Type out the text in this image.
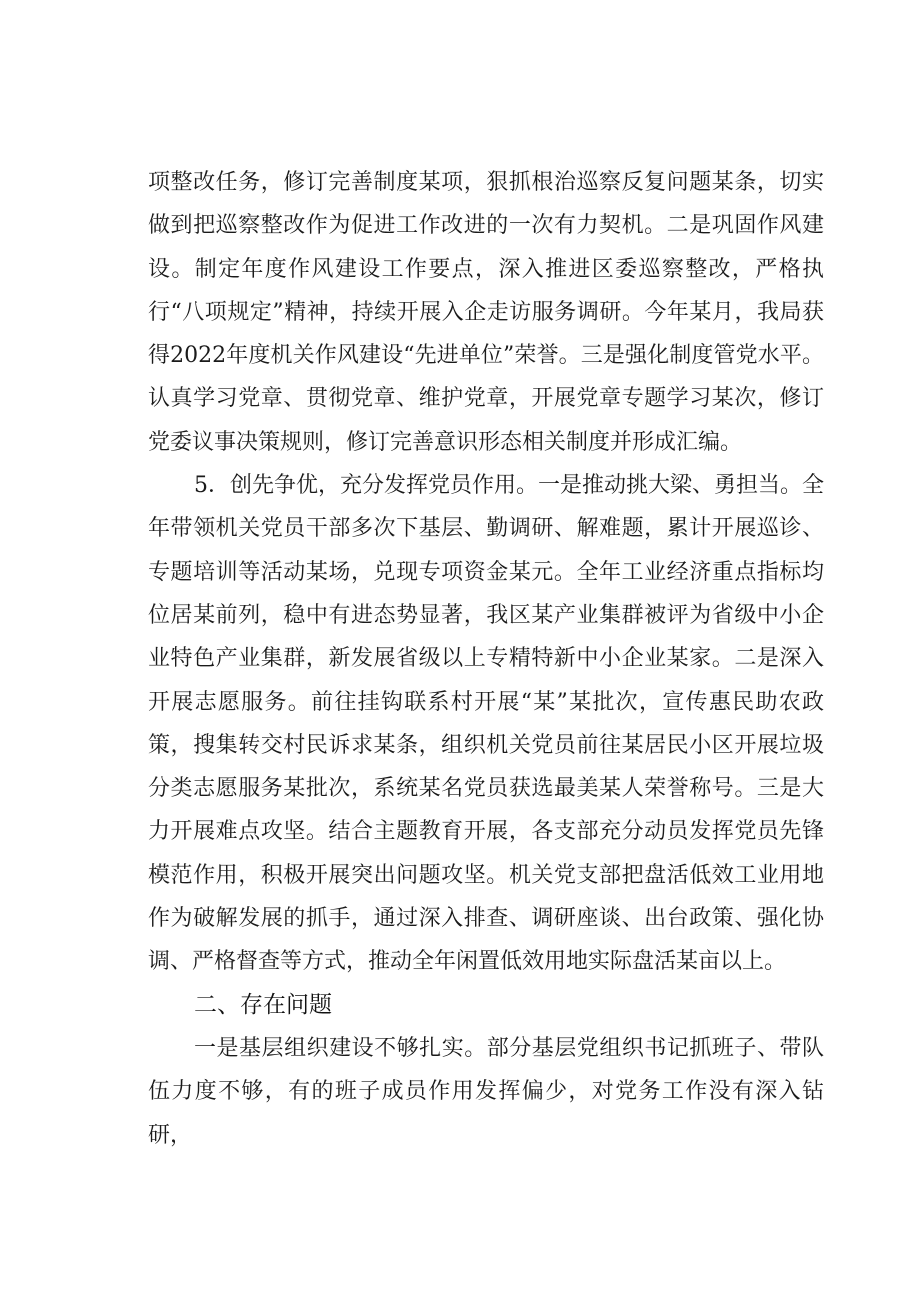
项整改任务，修订完善制度某项，狠抓根治巡察反复问题某条，切实做到把巡察整改作为促进工作改进的一次有力契机。二是巩固作风建设。制定年度作风建设工作要点，深入推进区委巡察整改，严格执行“八项规定”精神，持续开展入企走访服务调研。今年某月，我局获得2022年度机关作风建设“先进单位”荣誉。三是强化制度管党水平。认真学习党章、贯彻党章、维护党章，开展党章专题学习某次，修订党委议事决策规则，修订完善意识形态相关制度并形成汇编。

5．创先争优，充分发挥党员作用。一是推动挑大梁、勇担当。全年带领机关党员干部多次下基层、勤调研、解难题，累计开展巡诊、专题培训等活动某场，兑现专项资金某元。全年工业经济重点指标均位居某前列，稳中有进态势显著，我区某产业集群被评为省级中小企业特色产业集群，新发展省级以上专精特新中小企业某家。二是深入开展志愿服务。前往挂钩联系村开展“某”某批次，宣传惠民助农政策，搜集转交村民诉求某条，组织机关党员前往某居民小区开展垃圾分类志愿服务某批次，系统某名党员获选最美某人荣誉称号。三是大力开展难点攻坚。结合主题教育开展，各支部充分动员发挥党员先锋模范作用，积极开展突出问题攻坚。机关党支部把盘活低效工业用地作为破解发展的抓手，通过深入排查、调研座谈、出台政策、强化协调、严格督查等方式，推动全年闲置低效用地实际盘活某亩以上。

二、存在问题

一是基层组织建设不够扎实。部分基层党组织书记抓班子、带队伍力度不够，有的班子成员作用发挥偏少，对党务工作没有深入钻研，
